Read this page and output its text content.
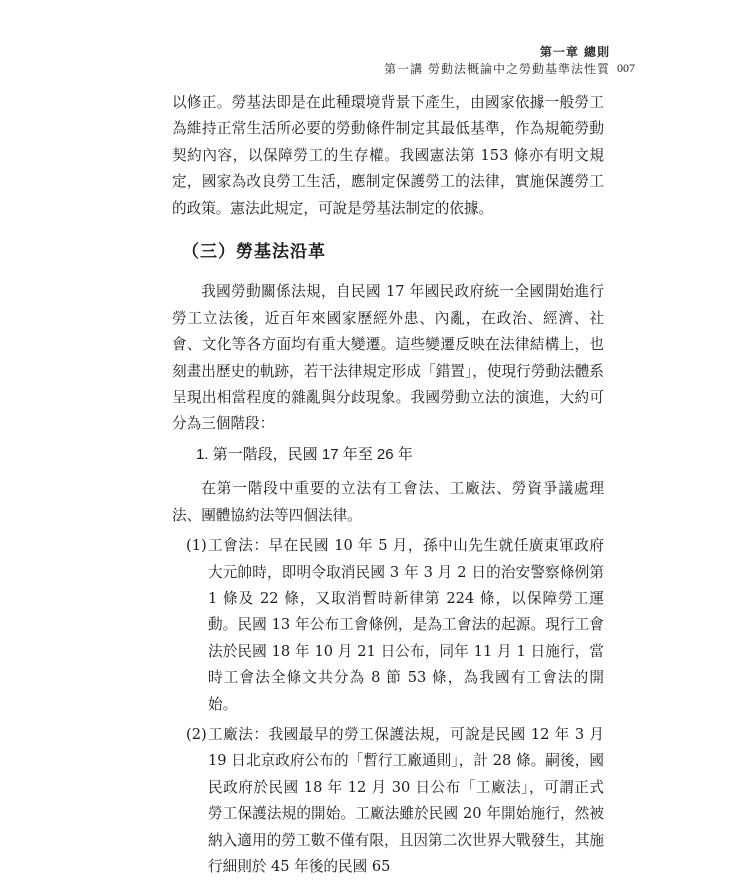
第一章 總則
第一講 勞動法概論中之勞動基準法性質 007

以修正。勞基法即是在此種環境背景下產生，由國家依據一般勞工為維持正常生活所必要的勞動條件制定其最低基準，作為規範勞動契約內容，以保障勞工的生存權。我國憲法第 153 條亦有明文規定，國家為改良勞工生活，應制定保護勞工的法律，實施保護勞工的政策。憲法此規定，可說是勞基法制定的依據。

（三）勞基法沿革

我國勞動關係法規，自民國 17 年國民政府統一全國開始進行勞工立法後，近百年來國家歷經外患、內亂，在政治、經濟、社會、文化等各方面均有重大變遷。這些變遷反映在法律結構上，也刻畫出歷史的軌跡，若干法律規定形成「錯置」，使現行勞動法體系呈現出相當程度的雜亂與分歧現象。我國勞動立法的演進，大約可分為三個階段：

1. 第一階段，民國 17 年至 26 年

在第一階段中重要的立法有工會法、工廠法、勞資爭議處理法、團體協約法等四個法律。

(1) 工會法：早在民國 10 年 5 月，孫中山先生就任廣東軍政府大元帥時，即明令取消民國 3 年 3 月 2 日的治安警察條例第 1 條及 22 條，又取消暫時新律第 224 條，以保障勞工運動。民國 13 年公布工會條例，是為工會法的起源。現行工會法於民國 18 年 10 月 21 日公布，同年 11 月 1 日施行，當時工會法全條文共分為 8 節 53 條，為我國有工會法的開始。
(2) 工廠法：我國最早的勞工保護法規，可說是民國 12 年 3 月 19 日北京政府公布的「暫行工廠通則」，計 28 條。嗣後，國民政府於民國 18 年 12 月 30 日公布「工廠法」，可謂正式勞工保護法規的開始。工廠法雖於民國 20 年開始施行，然被納入適用的勞工數不僅有限，且因第二次世界大戰發生，其施行細則於 45 年後的民國 65
